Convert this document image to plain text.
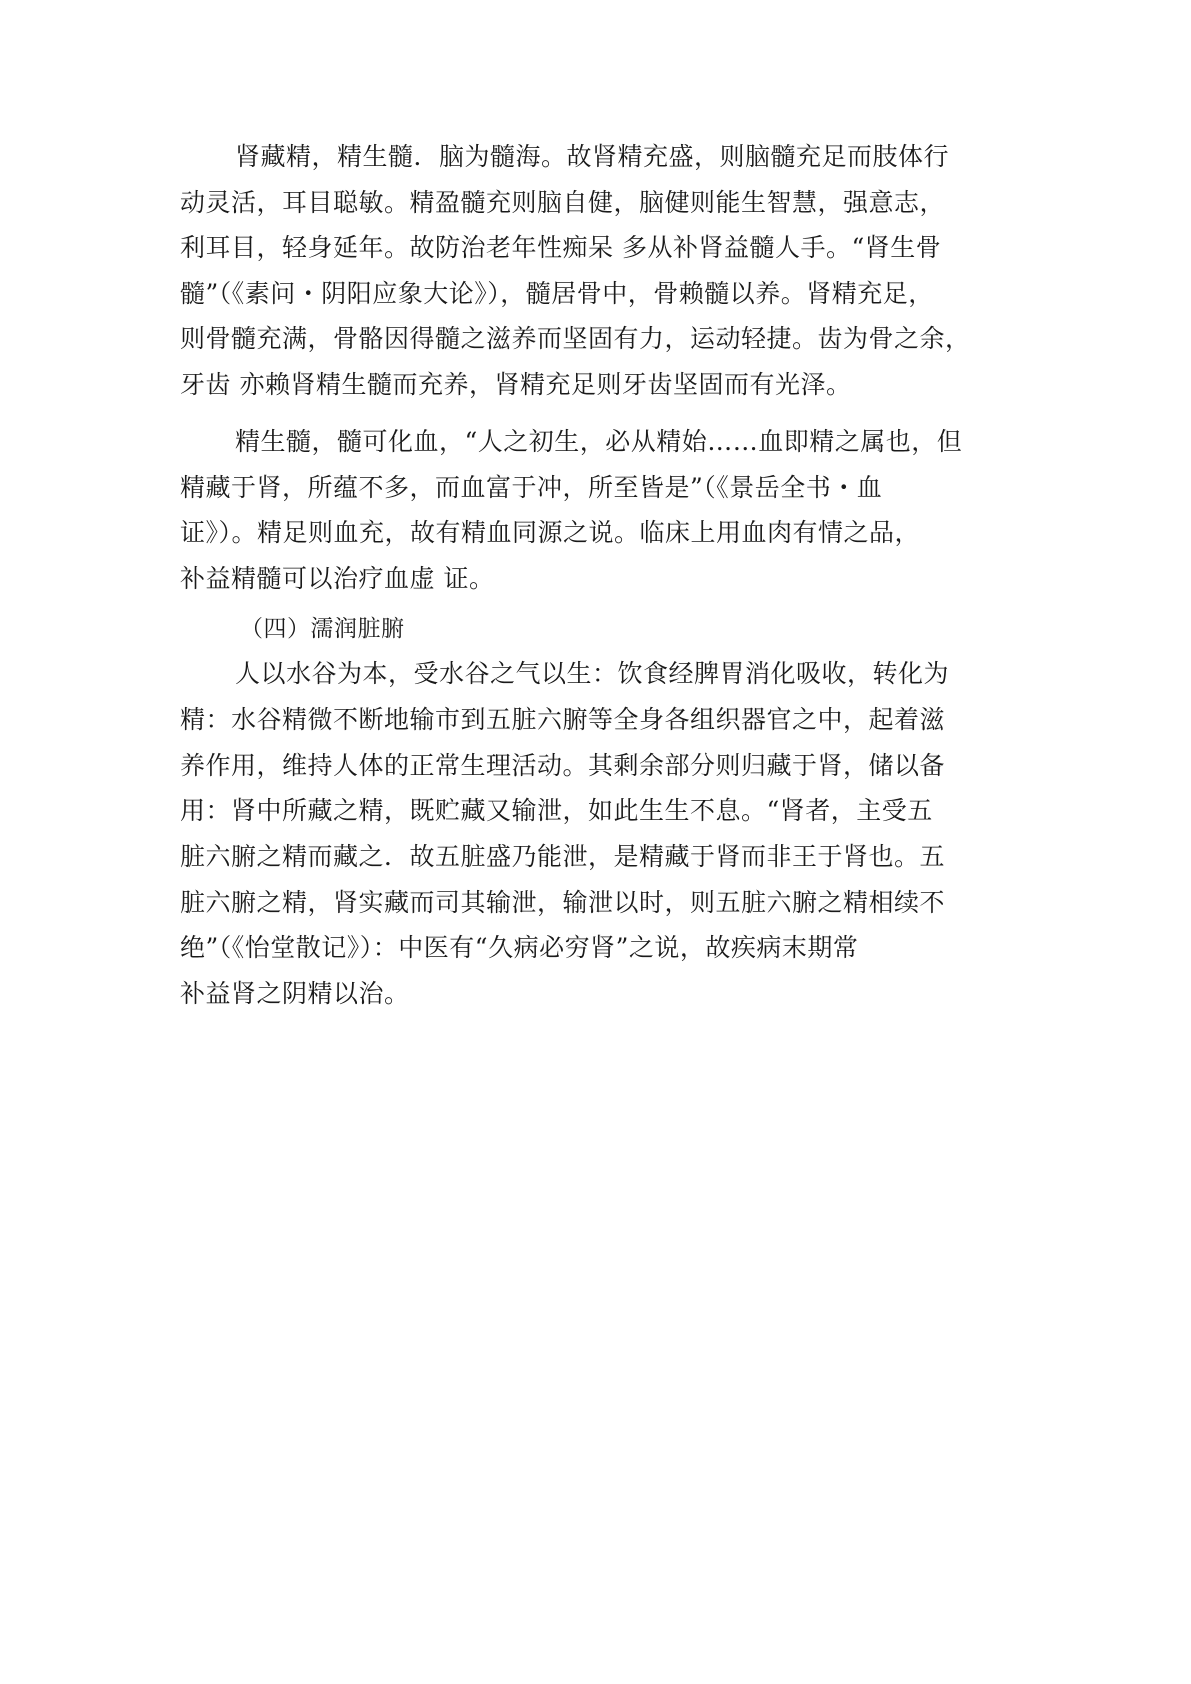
肾藏精，精生髓．脑为髓海。故肾精充盛，则脑髓充足而肢体行
动灵活，耳目聪敏。精盈髓充则脑自健，脑健则能生智慧，强意志，
利耳目，轻身延年。故防治老年性痴呆 多从补肾益髓人手。“肾生骨
髓”（《素问・阴阳应象大论》），髓居骨中，骨赖髓以养。肾精充足，
则骨髓充满，骨骼因得髓之滋养而坚固有力，运动轻捷。齿为骨之余，
牙齿 亦赖肾精生髓而充养，肾精充足则牙齿坚固而有光泽。
精生髓，髓可化血，“人之初生，必从精始……血即精之属也，但
精藏于肾，所蕴不多，而血富于冲，所至皆是”（《景岳全书・血
证》）。精足则血充，故有精血同源之说。临床上用血肉有情之品，
补益精髓可以治疗血虚 证。
（四）濡润脏腑
人以水谷为本，受水谷之气以生：饮食经脾胃消化吸收，转化为
精：水谷精微不断地输市到五脏六腑等全身各组织器官之中，起着滋
养作用，维持人体的正常生理活动。其剩余部分则归藏于肾，储以备
用：肾中所藏之精，既贮藏又输泄，如此生生不息。“肾者，主受五
脏六腑之精而藏之．故五脏盛乃能泄，是精藏于肾而非王于肾也。五
脏六腑之精，肾实藏而司其输泄，输泄以时，则五脏六腑之精相续不
绝”（《怡堂散记》）：中医有“久病必穷肾”之说，故疾病末期常
补益肾之阴精以治。
